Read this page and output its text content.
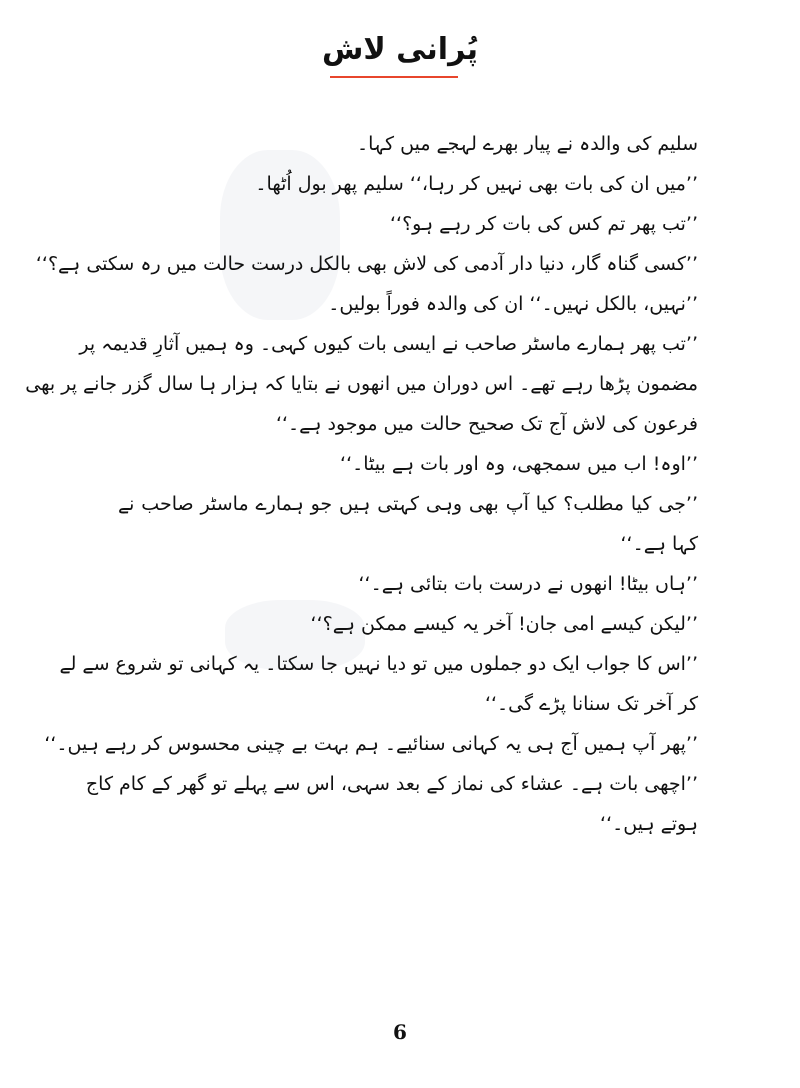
پُرانی لاش
سلیم کی والدہ نے پیار بھرے لہجے میں کہا۔
’’میں ان کی بات بھی نہیں کر رہا،‘‘ سلیم پھر بول اُٹھا۔
’’تب پھر تم کس کی بات کر رہے ہو؟‘‘
’’کسی گناہ گار، دنیا دار آدمی کی لاش بھی بالکل درست حالت میں رہ سکتی ہے؟‘‘
’’نہیں، بالکل نہیں۔‘‘ ان کی والدہ فوراً بولیں۔
’’تب پھر ہمارے ماسٹر صاحب نے ایسی بات کیوں کہی۔ وہ ہمیں آثارِ قدیمہ پر
مضمون پڑھا رہے تھے۔ اس دوران میں انھوں نے بتایا کہ ہزار ہا سال گزر جانے پر بھی
فرعون کی لاش آج تک صحیح حالت میں موجود ہے۔‘‘
’’اوہ! اب میں سمجھی، وہ اور بات ہے بیٹا۔‘‘
’’جی کیا مطلب؟ کیا آپ بھی وہی کہتی ہیں جو ہمارے ماسٹر صاحب نے
کہا ہے۔‘‘
’’ہاں بیٹا! انھوں نے درست بات بتائی ہے۔‘‘
’’لیکن کیسے امی جان! آخر یہ کیسے ممکن ہے؟‘‘
’’اس کا جواب ایک دو جملوں میں تو دیا نہیں جا سکتا۔ یہ کہانی تو شروع سے لے
کر آخر تک سنانا پڑے گی۔‘‘
’’پھر آپ ہمیں آج ہی یہ کہانی سنائیے۔ ہم بہت بے چینی محسوس کر رہے ہیں۔‘‘
’’اچھی بات ہے۔ عشاء کی نماز کے بعد سہی، اس سے پہلے تو گھر کے کام کاج
ہوتے ہیں۔‘‘
6
